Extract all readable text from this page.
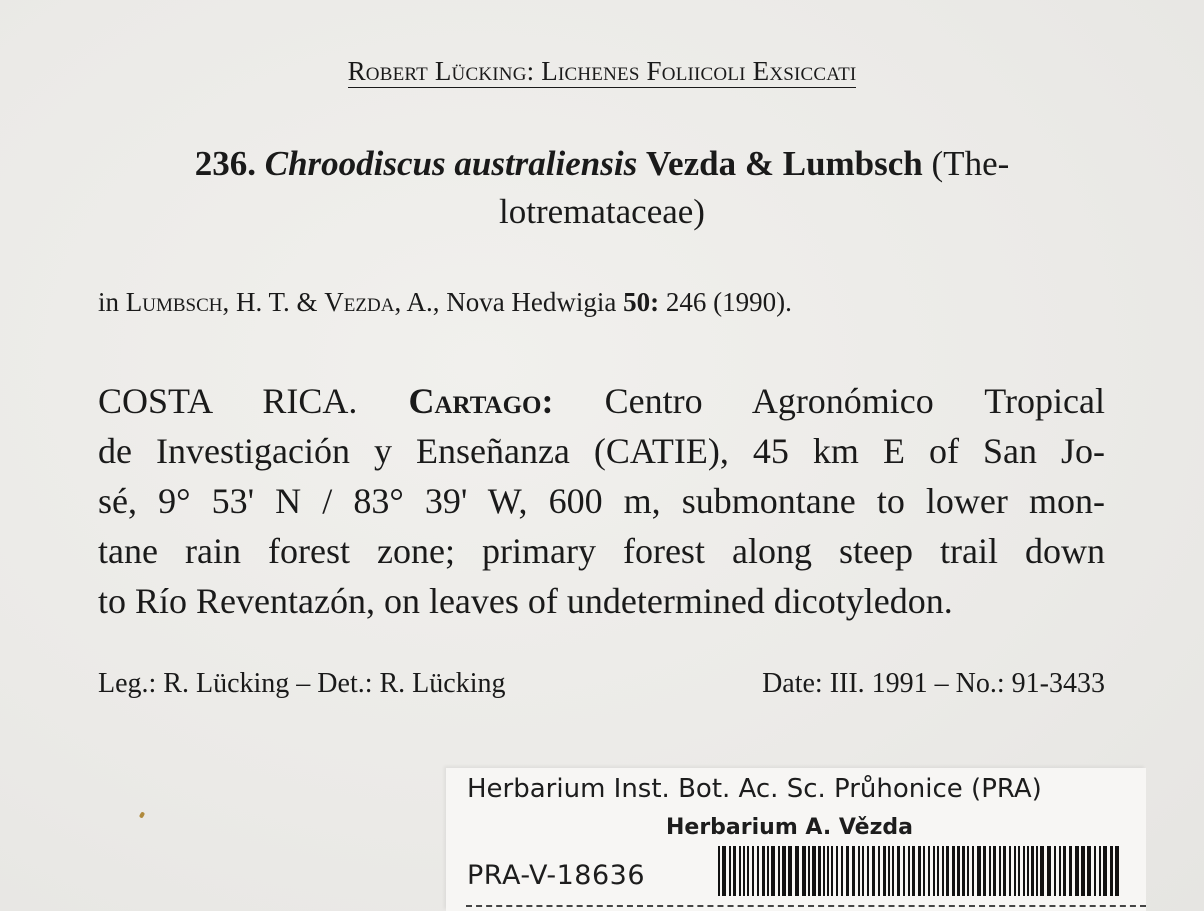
Robert Lücking: Lichenes Foliicoli Exsiccati
236. Chroodiscus australiensis Vezda & Lumbsch (The-
lotremataceae)
in Lumbsch, H. T. & Vezda, A., Nova Hedwigia 50: 246 (1990).
COSTA RICA. Cartago: Centro Agronómico Tropical
de Investigación y Enseñanza (CATIE), 45 km E of San Jo-
sé, 9° 53' N / 83° 39' W, 600 m, submontane to lower mon-
tane rain forest zone; primary forest along steep trail down
to Río Reventazón, on leaves of undetermined dicotyledon.
Leg.: R. Lücking – Det.: R. Lücking	Date: III. 1991 – No.: 91-3433
Herbarium Inst. Bot. Ac. Sc. Průhonice (PRA)
Herbarium A. Vězda
PRA-V-18636
